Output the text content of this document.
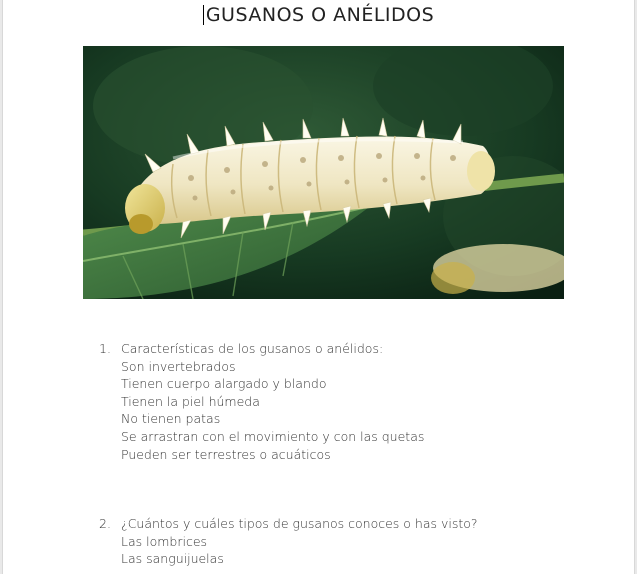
GUSANOS O ANÉLIDOS
1. Características de los gusanos o anélidos:
Son invertebrados
Tienen cuerpo alargado y blando
Tienen la piel húmeda
No tienen patas
Se arrastran con el movimiento y con las quetas
Pueden ser terrestres o acuáticos
2. ¿Cuántos y cuáles tipos de gusanos conoces o has visto?
Las lombrices
Las sanguijuelas
